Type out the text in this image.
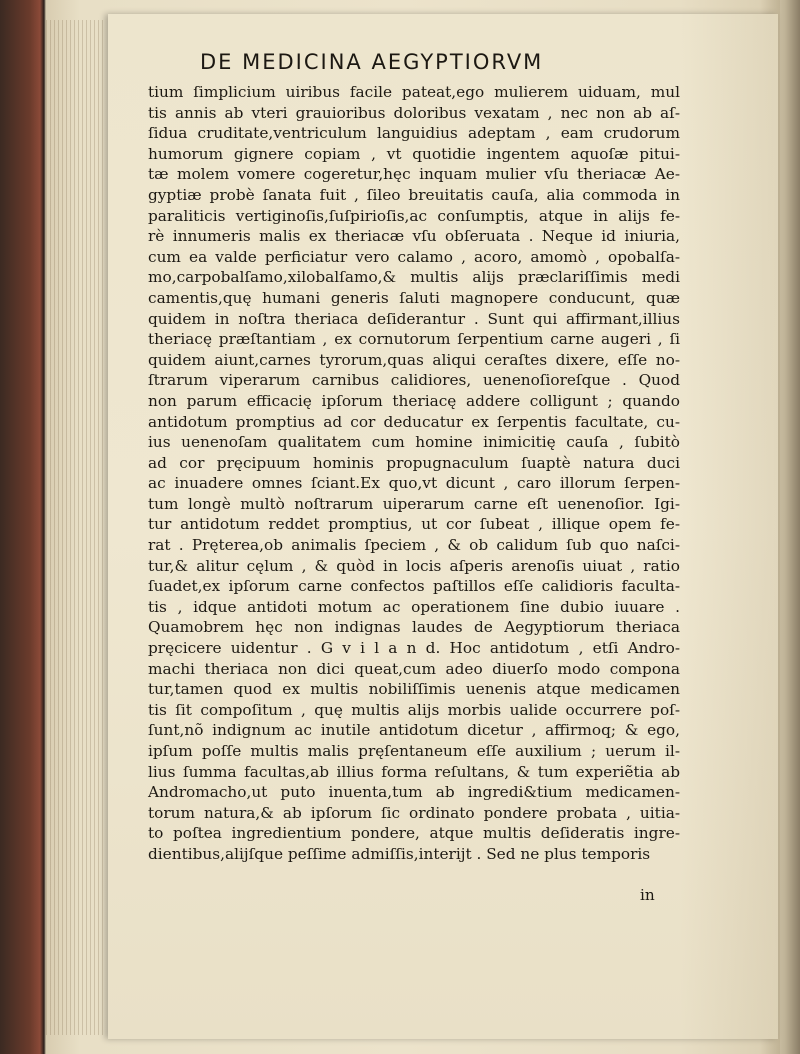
DE MEDICINA AEGYPTIORVM
tium ſimplicium uiribus facile pateat,ego mulierem uiduam, mul
tis annis ab vteri grauioribus doloribus vexatam , nec non ab aſ-
ſidua cruditate,ventriculum languidius adeptam , eam crudorum
humorum gignere copiam , vt quotidie ingentem aquoſæ pitui-
tæ molem vomere cogeretur,hęc inquam mulier vſu theriacæ Ae-
gyptiæ probè ſanata fuit , ſileo breuitatis cauſa, alia commoda in
paraliticis vertiginoſis,ſuſpirioſis,ac conſumptis, atque in alijs fe-
rè innumeris malis ex theriacæ vſu obſeruata . Neque id iniuria,
cum ea valde perficiatur vero calamo , acoro, amomò , opobalſa-
mo,carpobalſamo,xilobalſamo,& multis alijs præclariſſimis medi
camentis,quę humani generis ſaluti magnopere conducunt, quæ
quidem in noſtra theriaca deſiderantur . Sunt qui affirmant,illius
theriacę præſtantiam , ex cornutorum ſerpentium carne augeri , ſi
quidem aiunt,carnes tyrorum,quas aliqui ceraſtes dixere, eſſe no-
ſtrarum viperarum carnibus calidiores, uenenoſioreſque . Quod
non parum efficacię ipſorum theriacę addere colligunt ; quando
antidotum promptius ad cor deducatur ex ſerpentis facultate, cu-
ius uenenoſam qualitatem cum homine inimicitię cauſa , ſubitò
ad cor pręcipuum hominis propugnaculum ſuaptè natura duci
ac inuadere omnes ſciant.Ex quo,vt dicunt , caro illorum ſerpen-
tum longè multò noſtrarum uiperarum carne eſt uenenoſior. Igi-
tur antidotum reddet promptius, ut cor ſubeat , illique opem fe-
rat . Pręterea,ob animalis ſpeciem , & ob calidum ſub quo naſci-
tur,& alitur cęlum , & quòd in locis aſperis arenoſis uiuat , ratio
ſuadet,ex ipſorum carne confectos paſtillos eſſe calidioris faculta-
tis , idque antidoti motum ac operationem ſine dubio iuuare .
Quamobrem hęc non indignas laudes de Aegyptiorum theriaca
pręcicere uidentur . G v i l a n d. Hoc antidotum , etſi Andro-
machi theriaca non dici queat,cum adeo diuerſo modo compona
tur,tamen quod ex multis nobiliſſimis uenenis atque medicamen
tis ſit compoſitum , quę multis alijs morbis ualide occurrere poſ-
ſunt,nõ indignum ac inutile antidotum dicetur , affirmoq; & ego,
ipſum poſſe multis malis pręſentaneum eſſe auxilium ; uerum il-
lius ſumma facultas,ab illius forma reſultans, & tum experiẽtia ab
Andromacho,ut puto inuenta,tum ab ingredi&tium medicamen-
torum natura,& ab ipſorum ſic ordinato pondere probata , uitia-
to poſtea ingredientium pondere, atque multis deſideratis ingre-
dientibus,alijſque peſſime admiſſis,interijt . Sed ne plus temporis
in
